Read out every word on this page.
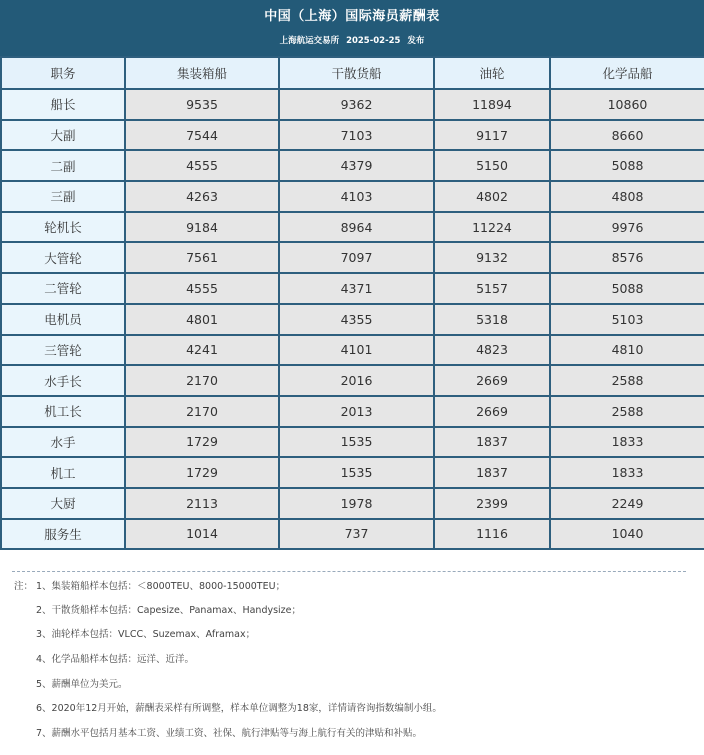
中国（上海）国际海员薪酬表
上海航运交易所 2025-02-25 发布
职务	集装箱船	干散货船	油轮	化学品船
船长	9535	9362	11894	10860
大副	7544	7103	9117	8660
二副	4555	4379	5150	5088
三副	4263	4103	4802	4808
轮机长	9184	8964	11224	9976
大管轮	7561	7097	9132	8576
二管轮	4555	4371	5157	5088
电机员	4801	4355	5318	5103
三管轮	4241	4101	4823	4810
水手长	2170	2016	2669	2588
机工长	2170	2013	2669	2588
水手	1729	1535	1837	1833
机工	1729	1535	1837	1833
大厨	2113	1978	2399	2249
服务生	1014	737	1116	1040
注： 1、集装箱船样本包括：＜8000TEU、8000-15000TEU；
2、干散货船样本包括：Capesize、Panamax、Handysize；
3、油轮样本包括：VLCC、Suzemax、Aframax；
4、化学品船样本包括：远洋、近洋。
5、薪酬单位为美元。
6、2020年12月开始，薪酬表采样有所调整，样本单位调整为18家，详情请咨询指数编制小组。
7、薪酬水平包括月基本工资、业绩工资、社保、航行津贴等与海上航行有关的津贴和补贴。
